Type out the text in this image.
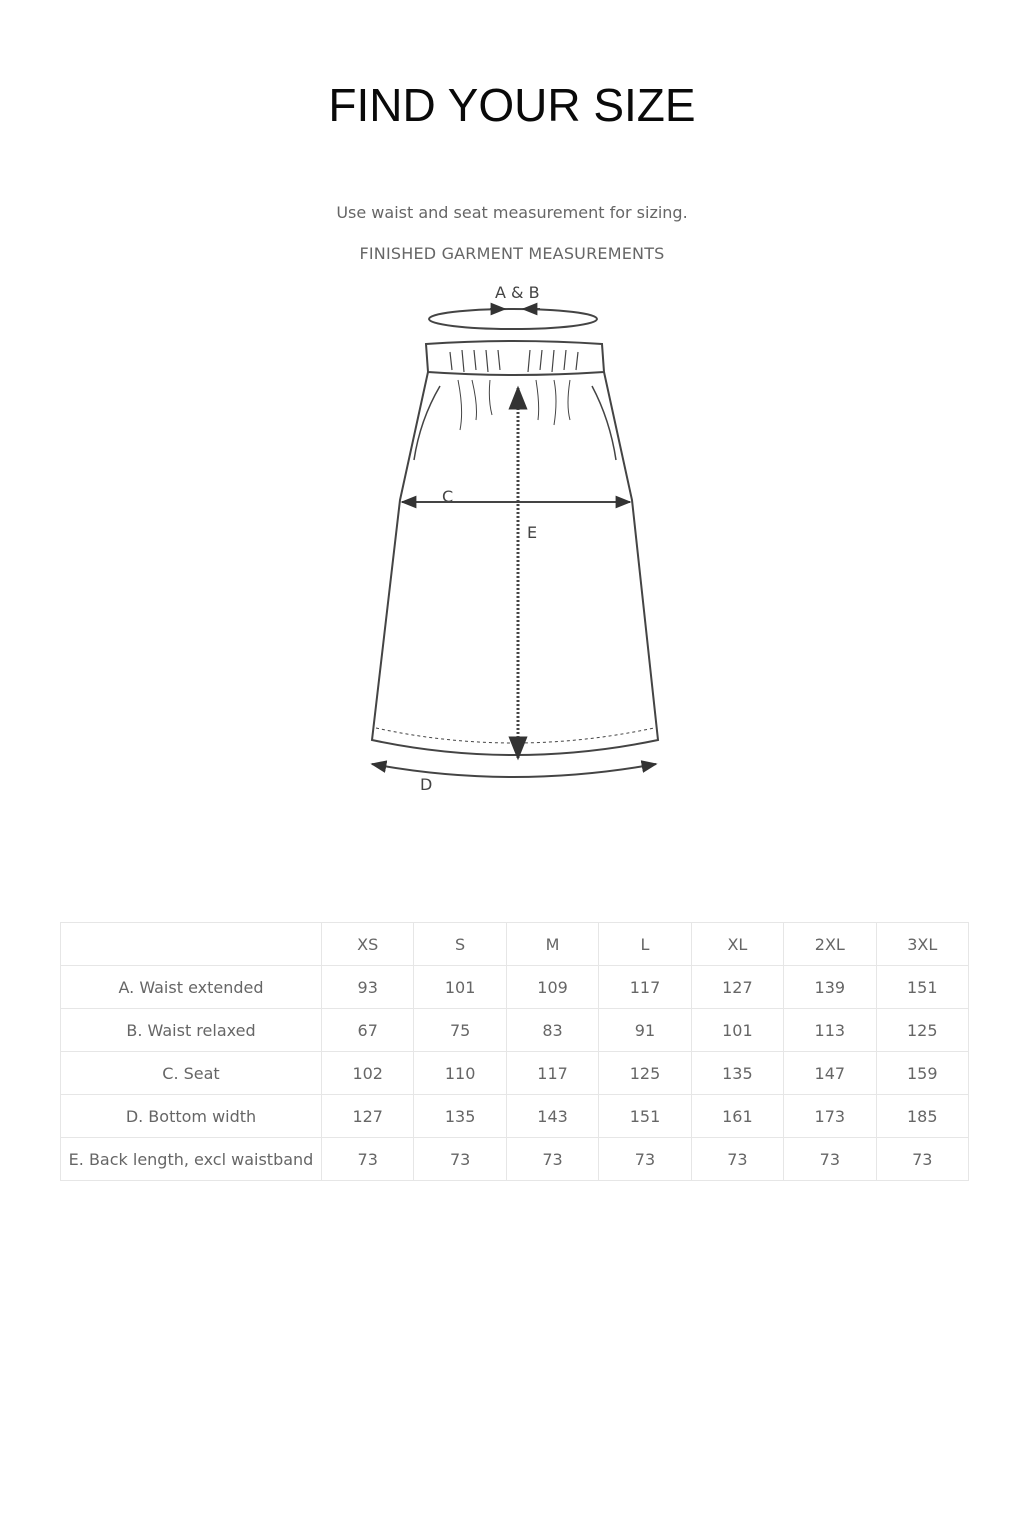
FIND YOUR SIZE
Use waist and seat measurement for sizing.
FINISHED GARMENT MEASUREMENTS
A & B
C
E
D
	XS	S	M	L	XL	2XL	3XL
A. Waist extended	93	101	109	117	127	139	151
B. Waist relaxed	67	75	83	91	101	113	125
C. Seat	102	110	117	125	135	147	159
D. Bottom width	127	135	143	151	161	173	185
E. Back length, excl waistband	73	73	73	73	73	73	73
